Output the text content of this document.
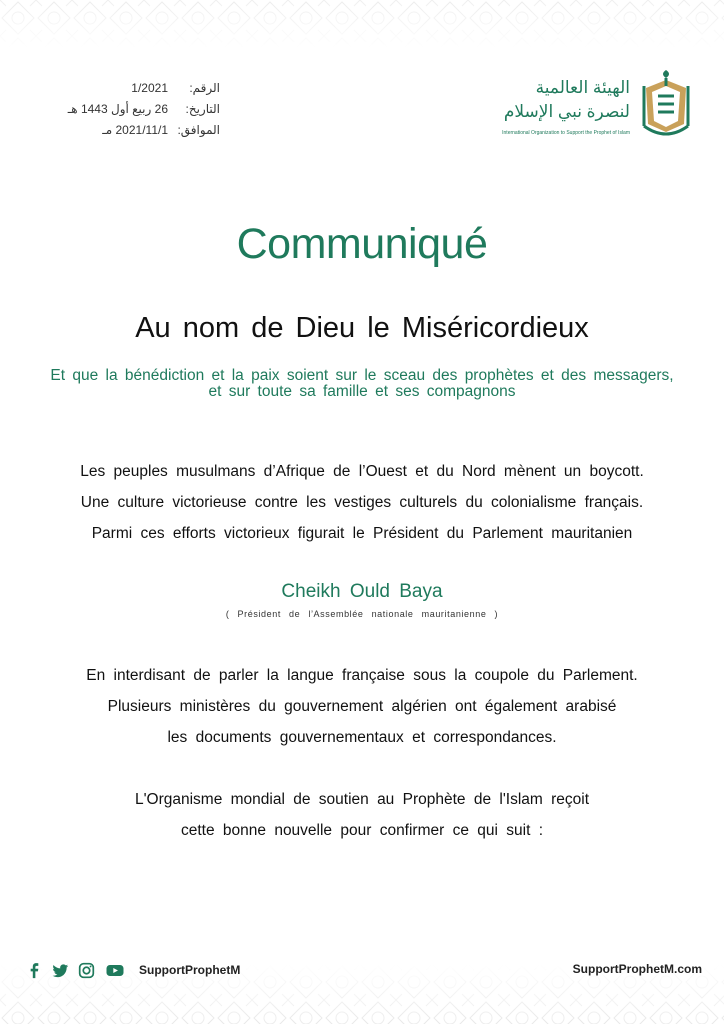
الرقم:
1/2021
التاريخ:
26 ربيع أول 1443 هـ
الموافق:
2021/11/1 مـ
الهيئة العالمية
لنصرة نبي الإسلام
International Organization to Support the Prophet of Islam
Communiqué
Au nom de Dieu le Miséricordieux
Et que la bénédiction et la paix soient sur le sceau des prophètes et des messagers,
et sur toute sa famille et ses compagnons
Les peuples musulmans d’Afrique de l’Ouest et du Nord mènent un boycott.
Une culture victorieuse contre les vestiges culturels du colonialisme français.
Parmi ces efforts victorieux figurait le Président du Parlement mauritanien
Cheikh Ould Baya
( Président de l’Assemblée nationale mauritanienne )
En interdisant de parler la langue française sous la coupole du Parlement.
Plusieurs ministères du gouvernement algérien ont également arabisé
les documents gouvernementaux et correspondances.
L'Organisme mondial de soutien au Prophète de l'Islam reçoit
cette bonne nouvelle pour confirmer ce qui suit :
SupportProphetM	SupportProphetM.com
